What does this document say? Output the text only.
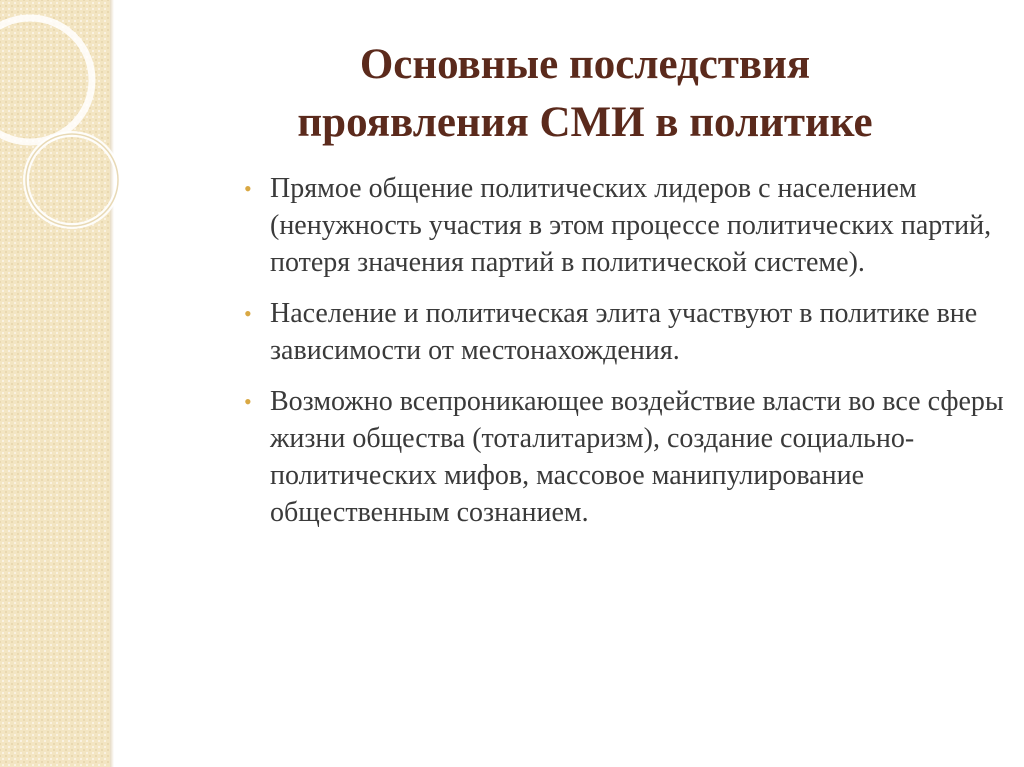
Основные последствия
проявления СМИ в политике
• Прямое общение политических лидеров с населением (ненужность участия в этом процессе политических партий, потеря значения партий в политической системе).
• Население и политическая элита участвуют в политике вне зависимости от местонахождения.
• Возможно всепроникающее воздействие власти во все сферы жизни общества (тоталитаризм), создание социально-политических мифов, массовое манипулирование общественным сознанием.
